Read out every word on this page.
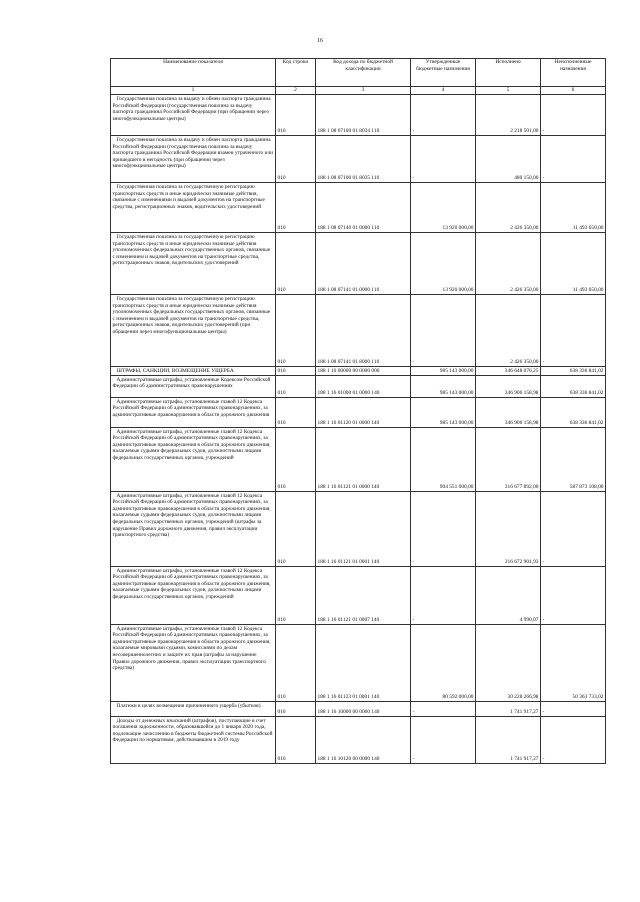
16
Наименование показателя	Код строки	Код дохода по бюджетной классификации	Утвержденные бюджетные назначения	Исполнено	Неисполненные назначения
1	2	3	4	5	6
Государственная пошлина за выдачу и обмен паспорта гражданина Российской Федерации (государственная пошлина за выдачу паспорта гражданина Российской Федерации (при обращении через многофункциональные центры)	010	188 1 08 07100 01 8034 110	-	2 218 501,00	-
Государственная пошлина за выдачу и обмен паспорта гражданина Российской Федерации (государственная пошлина за выдачу паспорта гражданина Российской Федерации взамен утраченного или пришедшего в негодность (при обращении через многофункциональные центры)	010	188 1 08 07100 01 8035 110	-	480 150,00	-
Государственная пошлина за государственную регистрацию транспортных средств и иные юридически значимые действия, связанные с изменениями и выдачей документов на транспортные средства, регистрационных знаков, водительских удостоверений	010	188 1 08 07140 01 0000 110	13 920 000,00	2 426 350,00	11 493 650,00
Государственная пошлина за государственную регистрацию транспортных средств и иные юридически значимые действия уполномоченных федеральных государственных органов, связанные с изменением и выдачей документов на транспортные средства, регистрационных знаков, водительских удостоверений	010	188 1 08 07141 01 0000 110	13 920 000,00	2 426 350,00	11 493 650,00
Государственная пошлина за государственную регистрацию транспортных средств и иные юридически значимые действия уполномоченных федеральных государственных органов, связанные с изменением и выдачей документов на транспортные средства, регистрационных знаков, водительских удостоверений (при обращении через многофункциональные центры)	010	188 1 08 07141 01 8000 110	-	2 426 350,00	-
ШТРАФЫ, САНКЦИИ, ВОЗМЕЩЕНИЕ УЩЕРБА	010	188 1 16 00000 00 0000 000	985 143 000,00	346 648 076,25	638 336 841,02
Административные штрафы, установленные Кодексом Российской Федерации об административных правонарушениях	010	188 1 16 01000 01 0000 140	985 143 000,00	346 906 158,98	638 336 841,02
Административные штрафы, установленные главой 12 Кодекса Российской Федерации об административных правонарушениях, за административные правонарушения в области дорожного движения	010	188 1 16 01120 01 0000 140	985 143 000,00	346 906 158,98	638 336 841,02
Административные штрафы, установленные главой 12 Кодекса Российской Федерации об административных правонарушениях, за административные правонарушения в области дорожного движения, налагаемые судьями федеральных судов, должностными лицами федеральных государственных органов, учреждений	010	188 1 16 01121 01 0000 140	904 551 000,00	316 677 892,00	587 873 108,00
Административные штрафы, установленные главой 12 Кодекса Российской Федерации об административных правонарушениях, за административные правонарушения в области дорожного движения, налагаемые судьями федеральных судов, должностными лицами федеральных государственных органов, учреждений (штрафы за нарушение Правил дорожного движения, правил эксплуатации транспортного средства)	010	188 1 16 01121 01 0001 140	-	316 672 901,93	-
Административные штрафы, установленные главой 12 Кодекса Российской Федерации об административных правонарушениях, за административные правонарушения в области дорожного движения, налагаемые судьями федеральных судов, должностными лицами федеральных государственных органов, учреждений	010	188 1 16 01121 01 0007 140	-	4 990,07	-
Административные штрафы, установленные главой 12 Кодекса Российской Федерации об административных правонарушениях, за административные правонарушения в области дорожного движения, налагаемые мировыми судьями, комиссиями по делам несовершеннолетних и защите их прав (штрафы за нарушение Правил дорожного движения, правил эксплуатации транспортного средства)	010	188 1 16 01123 01 0001 140	80 592 000,00	30 228 266,98	50 363 733,02
Платежи в целях возмещения причиненного ущерба (убытков)	010	188 1 16 10000 00 0000 140	-	1 741 917,27	-
Доходы от денежных взысканий (штрафов), поступающие в счет погашения задолженности, образовавшейся до 1 января 2020 года, подлежащие зачислению в бюджеты бюджетной системы Российской Федерации по нормативам, действовавшим в 2019 году	010	188 1 16 10120 00 0000 140	-	1 741 917,27	-
